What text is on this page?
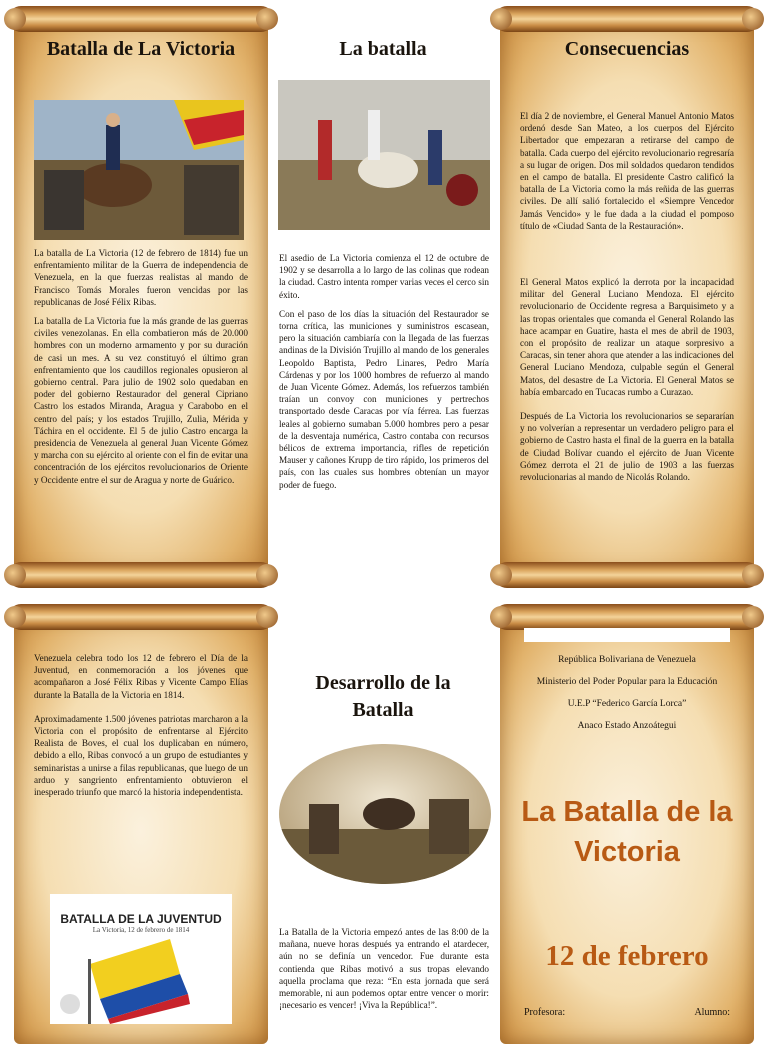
Batalla de La Victoria

La batalla de La Victoria (12 de febrero de 1814) fue un enfrentamiento militar de la Guerra de independencia de Venezuela, en la que fuerzas realistas al mando de Francisco Tomás Morales fueron vencidas por las republicanas de José Félix Ribas.

La batalla de La Victoria fue la más grande de las guerras civiles venezolanas. En ella combatieron más de 20.000 hombres con un moderno armamento y por su duración de casi un mes. A su vez constituyó el último gran enfrentamiento que los caudillos regionales opusieron al gobierno central. Para julio de 1902 solo quedaban en poder del gobierno Restaurador del general Cipriano Castro los estados Miranda, Aragua y Carabobo en el centro del país; y los estados Trujillo, Zulia, Mérida y Táchira en el occidente. El 5 de julio Castro encarga la presidencia de Venezuela al general Juan Vicente Gómez y marcha con su ejército al oriente con el fin de evitar una concentración de los ejércitos revolucionarios de Oriente y Occidente entre el sur de Aragua y norte de Guárico.

La batalla

El asedio de La Victoria comienza el 12 de octubre de 1902 y se desarrolla a lo largo de las colinas que rodean la ciudad. Castro intenta romper varias veces el cerco sin éxito.

Con el paso de los días la situación del Restaurador se torna crítica, las municiones y suministros escasean, pero la situación cambiaría con la llegada de las fuerzas andinas de la División Trujillo al mando de los generales Leopoldo Baptista, Pedro Linares, Pedro María Cárdenas y por los 1000 hombres de refuerzo al mando de Juan Vicente Gómez. Además, los refuerzos también traían un convoy con municiones y pertrechos transportado desde Caracas por vía férrea. Las fuerzas leales al gobierno sumaban 5.000 hombres pero a pesar de la desventaja numérica, Castro contaba con recursos bélicos de extrema importancia, rifles de repetición Mauser y cañones Krupp de tiro rápido, los primeros del país, con las cuales sus hombres obtenían un mayor poder de fuego.

Consecuencias

El día 2 de noviembre, el General Manuel Antonio Matos ordenó desde San Mateo, a los cuerpos del Ejército Libertador que empezaran a retirarse del campo de batalla. Cada cuerpo del ejército revolucionario regresaría a su lugar de origen. Dos mil soldados quedaron tendidos en el campo de batalla. El presidente Castro calificó la batalla de La Victoria como la más reñida de las guerras civiles. De allí salió fortalecido el «Siempre Vencedor Jamás Vencido» y le fue dada a la ciudad el pomposo título de «Ciudad Santa de la Restauración».

El General Matos explicó la derrota por la incapacidad militar del General Luciano Mendoza. El ejército revolucionario de Occidente regresa a Barquisimeto y a las tropas orientales que comanda el General Rolando las hace acampar en Guatire, hasta el mes de abril de 1903, con el propósito de realizar un ataque sorpresivo a Caracas, sin tener ahora que atender a las indicaciones del General Luciano Mendoza, culpable según el General Matos, del desastre de La Victoria. El General Matos se había embarcado en Tucacas rumbo a Curazao.

Después de La Victoria los revolucionarios se separarían y no volverían a representar un verdadero peligro para el gobierno de Castro hasta el final de la guerra en la batalla de Ciudad Bolívar cuando el ejército de Juan Vicente Gómez derrota el 21 de julio de 1903 a las fuerzas revolucionarias al mando de Nicolás Rolando.

Venezuela celebra todo los 12 de febrero el Día de la Juventud, en conmemoración a los jóvenes que acompañaron a José Félix Ribas y Vicente Campo Elías durante la Batalla de la Victoria en 1814.

Aproximadamente 1.500 jóvenes patriotas marcharon a la Victoria con el propósito de enfrentarse al Ejército Realista de Boves, el cual los duplicaban en número, debido a ello, Ribas convocó a un grupo de estudiantes y seminaristas a unirse a filas republicanas, que luego de un arduo y sangriento enfrentamiento obtuvieron el inesperado triunfo que marcó la historia independentista.

BATALLA DE LA JUVENTUD
La Victoria, 12 de febrero de 1814
Desarrollo de la Batalla

La Batalla de la Victoria empezó antes de las 8:00 de la mañana, nueve horas después ya entrando el atardecer, aún no se definía un vencedor. Fue durante esta contienda que Ribas motivó a sus tropas elevando aquella proclama que reza: “En esta jornada que será memorable, ni aun podemos optar entre vencer o morir: ¡necesario es vencer! ¡Viva la República!”.

República Bolivariana de Venezuela

Ministerio del Poder Popular para la Educación

U.E.P “Federico García Lorca”

Anaco Estado Anzoátegui

La Batalla de la Victoria
12 de febrero
Profesora:	Alumno:
